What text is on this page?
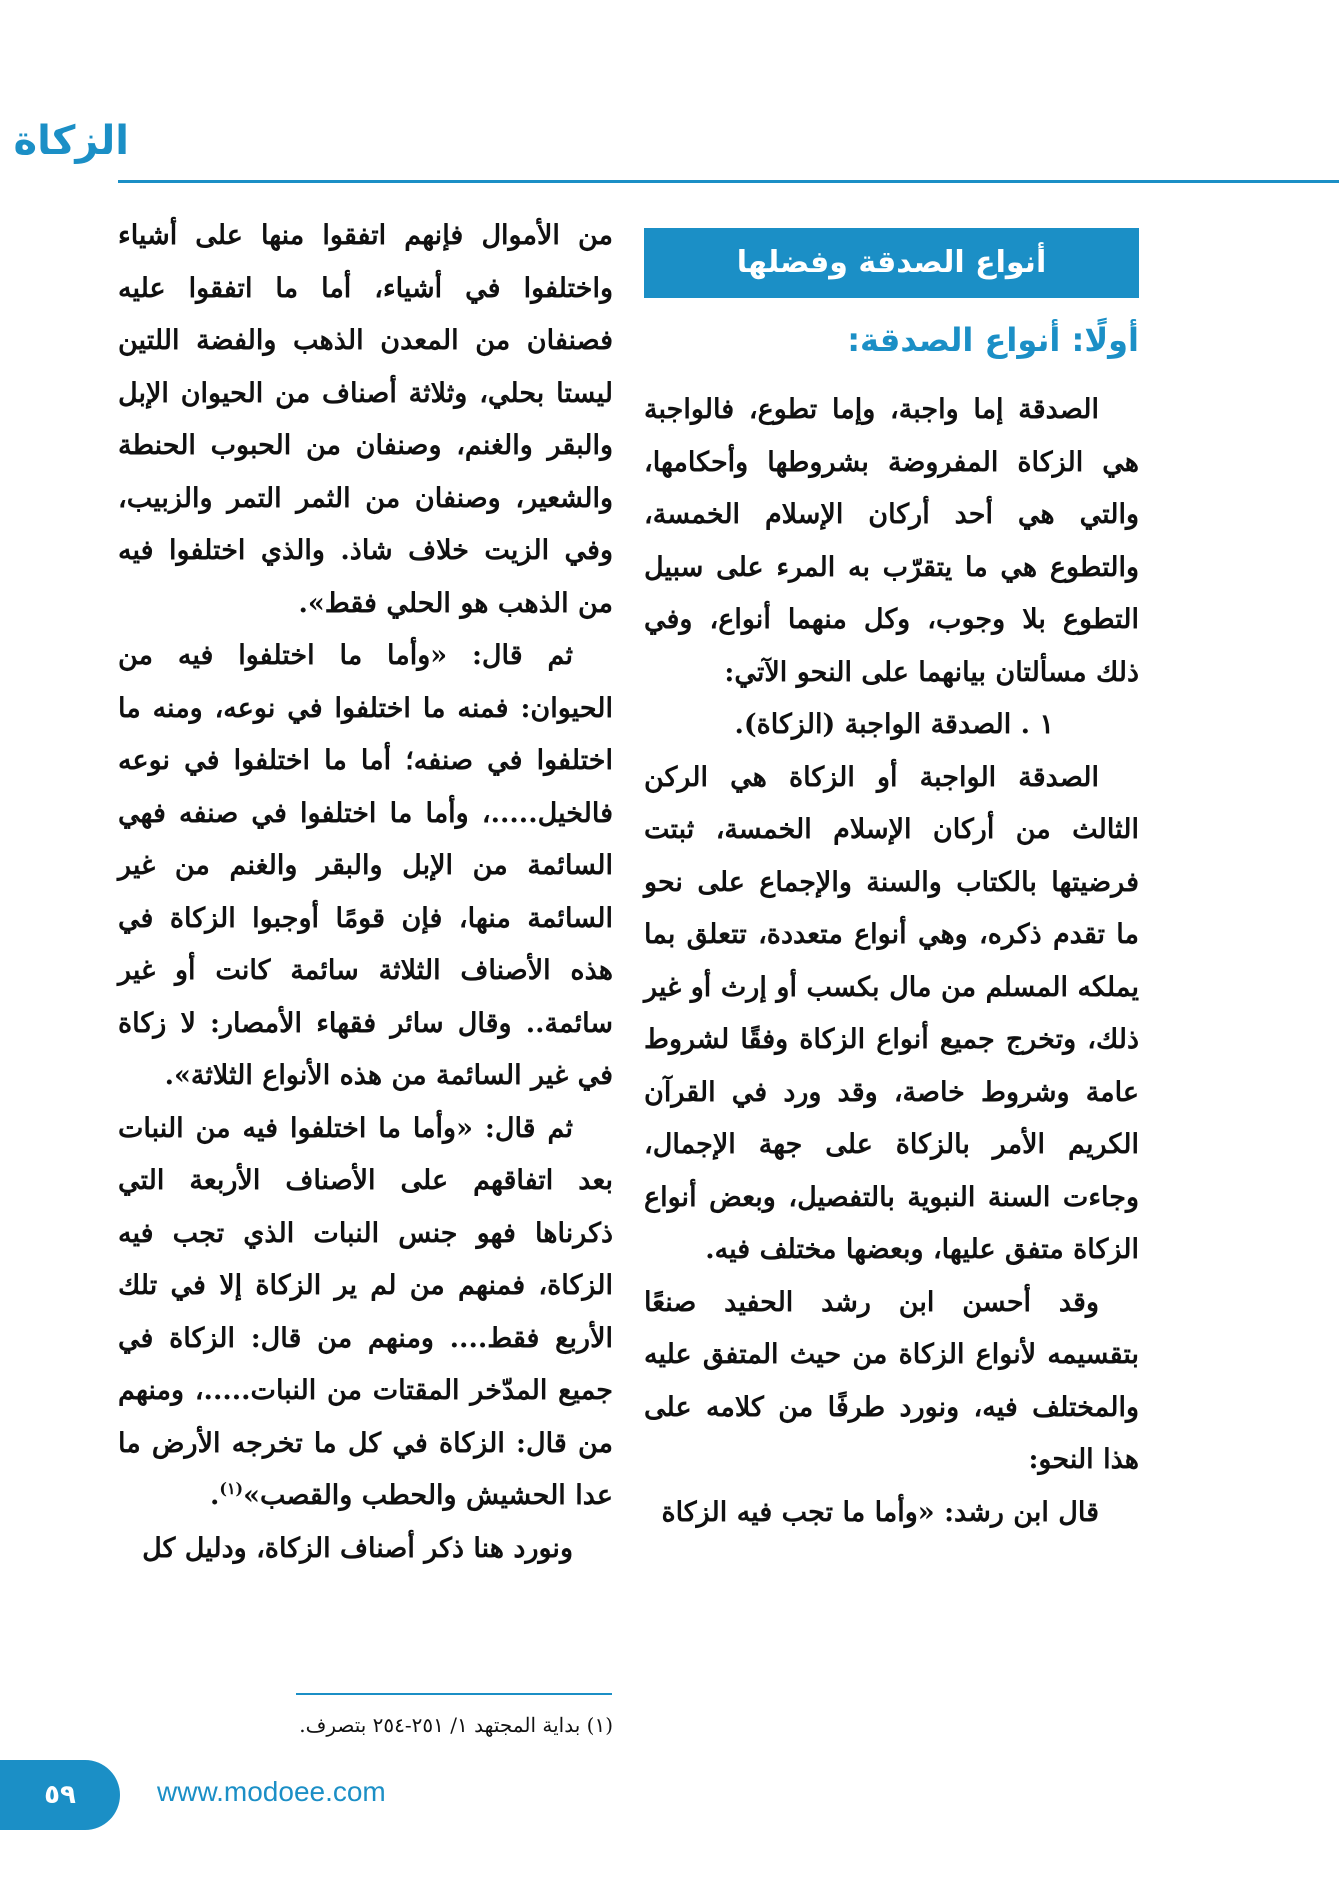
الزكاة
أنواع الصدقة وفضلها
أولًا: أنواع الصدقة:

الصدقة إما واجبة، وإما تطوع، فالواجبة هي الزكاة المفروضة بشروطها وأحكامها، والتي هي أحد أركان الإسلام الخمسة، والتطوع هي ما يتقرّب به المرء على سبيل التطوع بلا وجوب، وكل منهما أنواع، وفي ذلك مسألتان بيانهما على النحو الآتي:

١ . الصدقة الواجبة (الزكاة).

الصدقة الواجبة أو الزكاة هي الركن الثالث من أركان الإسلام الخمسة، ثبتت فرضيتها بالكتاب والسنة والإجماع على نحو ما تقدم ذكره، وهي أنواع متعددة، تتعلق بما يملكه المسلم من مال بكسب أو إرث أو غير ذلك، وتخرج جميع أنواع الزكاة وفقًا لشروط عامة وشروط خاصة، وقد ورد في القرآن الكريم الأمر بالزكاة على جهة الإجمال، وجاءت السنة النبوية بالتفصيل، وبعض أنواع الزكاة متفق عليها، وبعضها مختلف فيه.

وقد أحسن ابن رشد الحفيد صنعًا بتقسيمه لأنواع الزكاة من حيث المتفق عليه والمختلف فيه، ونورد طرفًا من كلامه على هذا النحو:

قال ابن رشد: «وأما ما تجب فيه الزكاة

من الأموال فإنهم اتفقوا منها على أشياء واختلفوا في أشياء، أما ما اتفقوا عليه فصنفان من المعدن الذهب والفضة اللتين ليستا بحلي، وثلاثة أصناف من الحيوان الإبل والبقر والغنم، وصنفان من الحبوب الحنطة والشعير، وصنفان من الثمر التمر والزبيب، وفي الزيت خلاف شاذ. والذي اختلفوا فيه من الذهب هو الحلي فقط».

ثم قال: «وأما ما اختلفوا فيه من الحيوان: فمنه ما اختلفوا في نوعه، ومنه ما اختلفوا في صنفه؛ أما ما اختلفوا في نوعه فالخيل.....، وأما ما اختلفوا في صنفه فهي السائمة من الإبل والبقر والغنم من غير السائمة منها، فإن قومًا أوجبوا الزكاة في هذه الأصناف الثلاثة سائمة كانت أو غير سائمة.. وقال سائر فقهاء الأمصار: لا زكاة في غير السائمة من هذه الأنواع الثلاثة».

ثم قال: «وأما ما اختلفوا فيه من النبات بعد اتفاقهم على الأصناف الأربعة التي ذكرناها فهو جنس النبات الذي تجب فيه الزكاة، فمنهم من لم ير الزكاة إلا في تلك الأربع فقط.... ومنهم من قال: الزكاة في جميع المدّخر المقتات من النبات.....، ومنهم من قال: الزكاة في كل ما تخرجه الأرض ما عدا الحشيش والحطب والقصب»$^{(١)}$.

ونورد هنا ذكر أصناف الزكاة، ودليل كل

(١) بداية المجتهد ١/ ٢٥١-٢٥٤ بتصرف.

٥٩	www.modoee.com
